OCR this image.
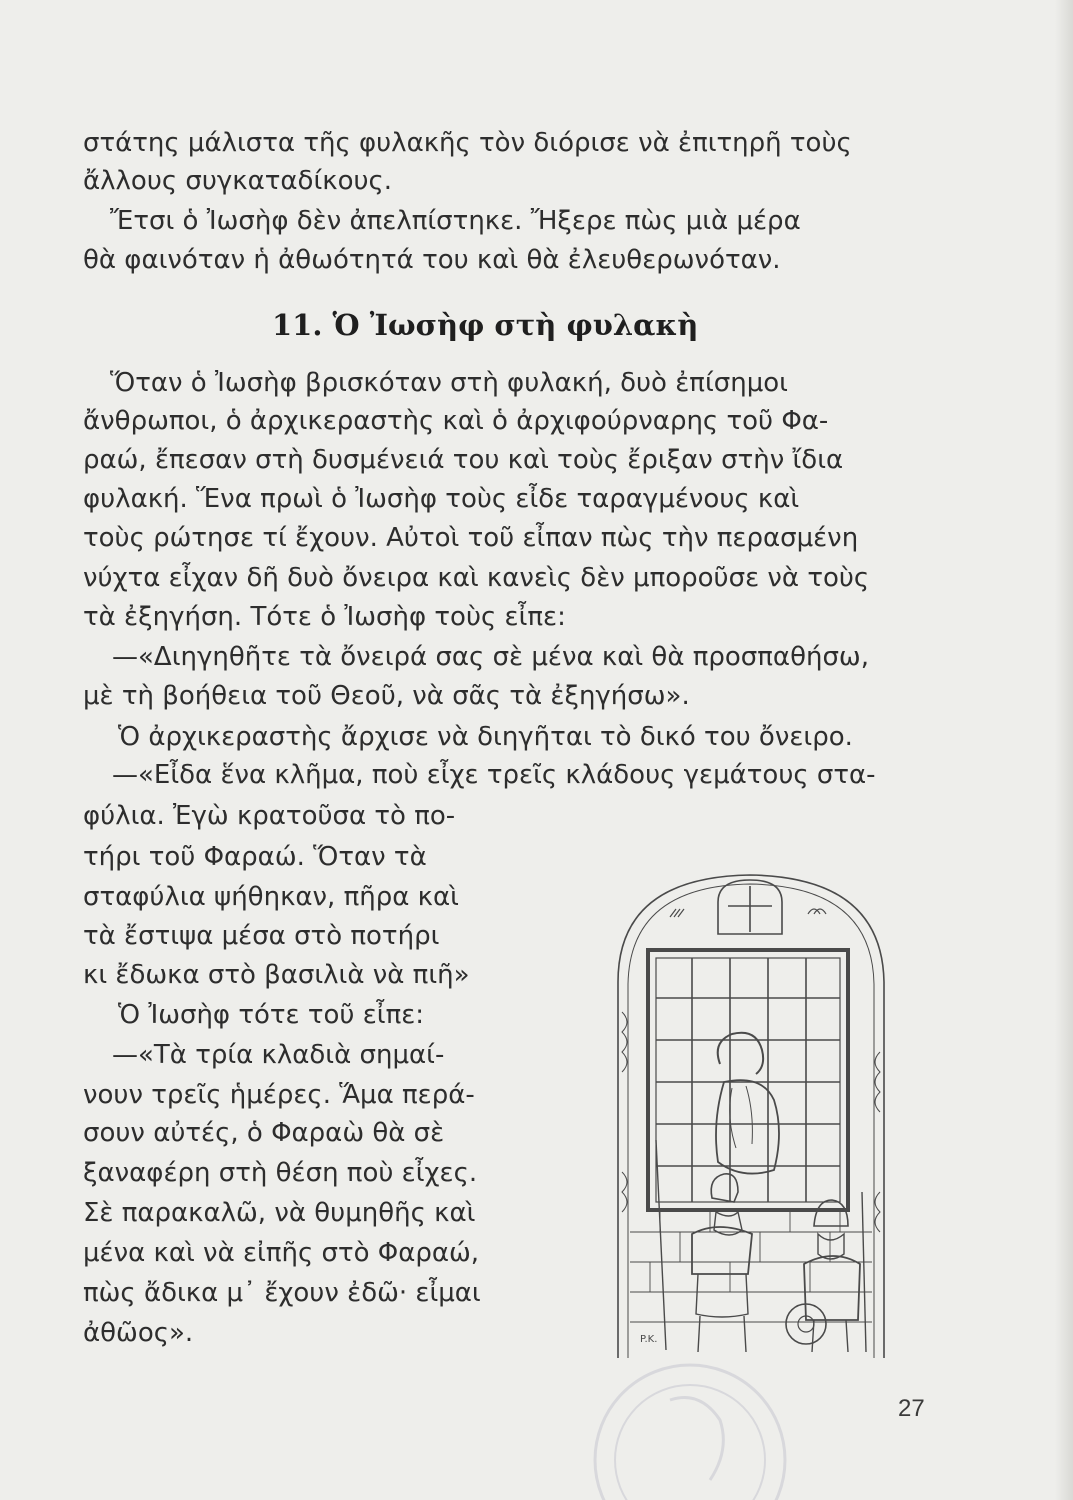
στάτης μάλιστα τῆς φυλακῆς τὸν διόρισε νὰ ἐπιτηρῆ τοὺς
ἄλλους συγκαταδίκους.
Ἔτσι ὁ Ἰωσὴφ δὲν ἀπελπίστηκε. Ἤξερε πὼς μιὰ μέρα
θὰ φαινόταν ἡ ἀθωότητά του καὶ θὰ ἐλευθερωνόταν.
11. Ὁ Ἰωσὴφ στὴ φυλακὴ
Ὅταν ὁ Ἰωσὴφ βρισκόταν στὴ φυλακή, δυὸ ἐπίσημοι
ἄνθρωποι, ὁ ἀρχικεραστὴς καὶ ὁ ἀρχιφούρναρης τοῦ Φα-
ραώ, ἔπεσαν στὴ δυσμένειά του καὶ τοὺς ἔριξαν στὴν ἴδια
φυλακή. Ἕνα πρωὶ ὁ Ἰωσὴφ τοὺς εἶδε ταραγμένους καὶ
τοὺς ρώτησε τί ἔχουν. Αὐτοὶ τοῦ εἶπαν πὼς τὴν περασμένη
νύχτα εἶχαν δῆ δυὸ ὄνειρα καὶ κανεὶς δὲν μποροῦσε νὰ τοὺς
τὰ ἐξηγήση. Τότε ὁ Ἰωσὴφ τοὺς εἶπε:
—«Διηγηθῆτε τὰ ὄνειρά σας σὲ μένα καὶ θὰ προσπαθήσω,
μὲ τὴ βοήθεια τοῦ Θεοῦ, νὰ σᾶς τὰ ἐξηγήσω».
Ὁ ἀρχικεραστὴς ἄρχισε νὰ διηγῆται τὸ δικό του ὄνειρο.
—«Εἶδα ἕνα κλῆμα, ποὺ εἶχε τρεῖς κλάδους γεμάτους στα-
φύλια. Ἐγὼ κρατοῦσα τὸ πο-
τήρι τοῦ Φαραώ. Ὅταν τὰ
σταφύλια ψήθηκαν, πῆρα καὶ
τὰ ἔστιψα μέσα στὸ ποτήρι
κι ἔδωκα στὸ βασιλιὰ νὰ πιῆ»
Ὁ Ἰωσὴφ τότε τοῦ εἶπε:
—«Τὰ τρία κλαδιὰ σημαί-
νουν τρεῖς ἡμέρες. Ἅμα περά-
σουν αὐτές, ὁ Φαραὼ θὰ σὲ
ξαναφέρη στὴ θέση ποὺ εἶχες.
Σὲ παρακαλῶ, νὰ θυμηθῆς καὶ
μένα καὶ νὰ εἰπῆς στὸ Φαραώ,
πὼς ἄδικα μ᾽ ἔχουν ἐδῶ· εἶμαι
ἀθῶος».	P.K.
27
